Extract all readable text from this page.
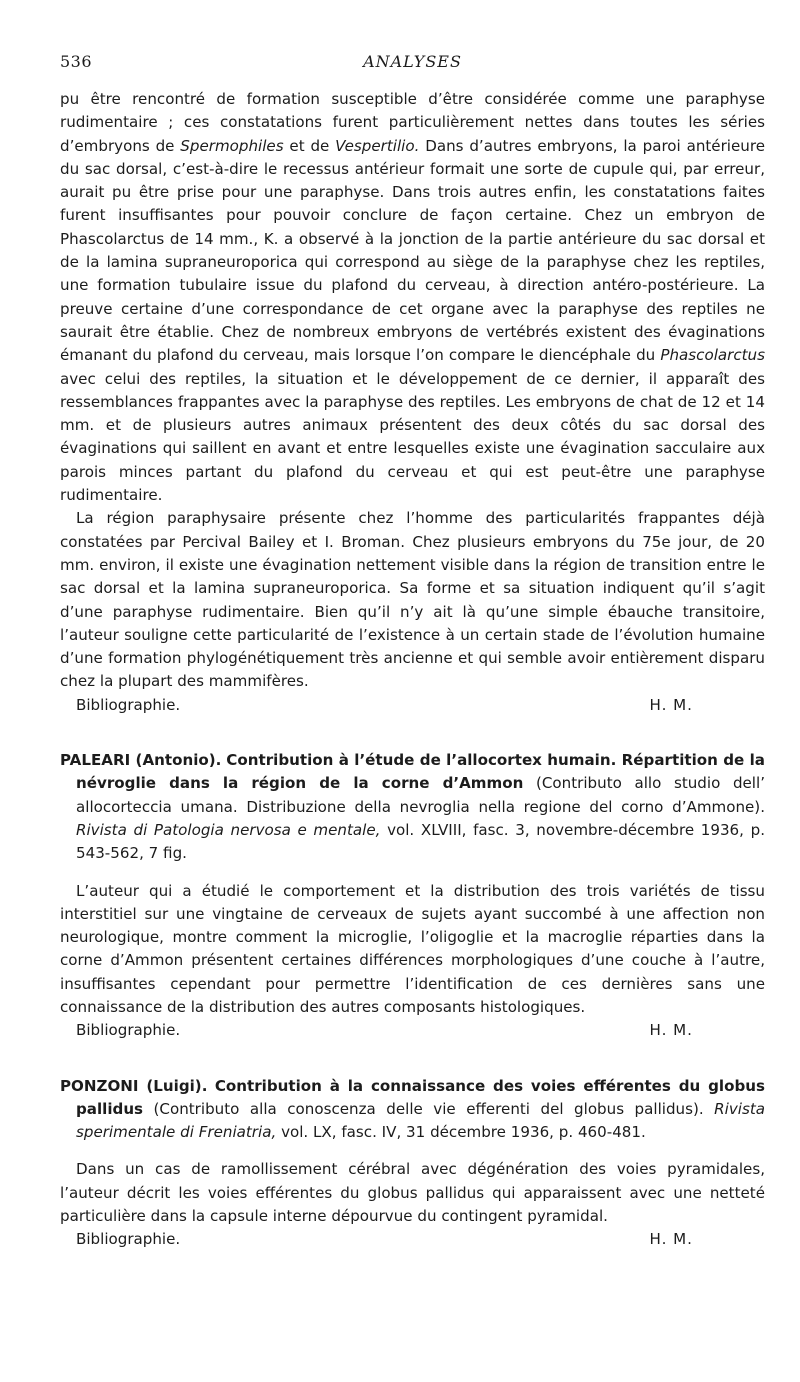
536	ANALYSES

pu être rencontré de formation susceptible d’être considérée comme une paraphyse rudimentaire ; ces constatations furent particulièrement nettes dans toutes les séries d’embryons de Spermophiles et de Vespertilio. Dans d’autres embryons, la paroi antérieure du sac dorsal, c’est-à-dire le recessus antérieur formait une sorte de cupule qui, par erreur, aurait pu être prise pour une paraphyse. Dans trois autres enfin, les constatations faites furent insuffisantes pour pouvoir conclure de façon certaine. Chez un embryon de Phascolarctus de 14 mm., K. a observé à la jonction de la partie antérieure du sac dorsal et de la lamina supraneuroporica qui correspond au siège de la paraphyse chez les reptiles, une formation tubulaire issue du plafond du cerveau, à direction antéro-postérieure. La preuve certaine d’une correspondance de cet organe avec la paraphyse des reptiles ne saurait être établie. Chez de nombreux embryons de vertébrés existent des évaginations émanant du plafond du cerveau, mais lorsque l’on compare le diencéphale du Phascolarctus avec celui des reptiles, la situation et le développement de ce dernier, il apparaît des ressemblances frappantes avec la paraphyse des reptiles. Les embryons de chat de 12 et 14 mm. et de plusieurs autres animaux présentent des deux côtés du sac dorsal des évaginations qui saillent en avant et entre lesquelles existe une évagination sacculaire aux parois minces partant du plafond du cerveau et qui est peut-être une paraphyse rudimentaire.

La région paraphysaire présente chez l’homme des particularités frappantes déjà constatées par Percival Bailey et I. Broman. Chez plusieurs embryons du 75e jour, de 20 mm. environ, il existe une évagination nettement visible dans la région de transition entre le sac dorsal et la lamina supraneuroporica. Sa forme et sa situation indiquent qu’il s’agit d’une paraphyse rudimentaire. Bien qu’il n’y ait là qu’une simple ébauche transitoire, l’auteur souligne cette particularité de l’existence à un certain stade de l’évolution humaine d’une formation phylogénétiquement très ancienne et qui semble avoir entièrement disparu chez la plupart des mammifères.

Bibliographie.	H. M.
PALEARI (Antonio). Contribution à l’étude de l’allocortex humain. Répartition de la névroglie dans la région de la corne d’Ammon (Contributo allo studio dell’ allocorteccia umana. Distribuzione della nevroglia nella regione del corno d’Ammone). Rivista di Patologia nervosa e mentale, vol. XLVIII, fasc. 3, novembre-décembre 1936, p. 543-562, 7 fig.

L’auteur qui a étudié le comportement et la distribution des trois variétés de tissu interstitiel sur une vingtaine de cerveaux de sujets ayant succombé à une affection non neurologique, montre comment la microglie, l’oligoglie et la macroglie réparties dans la corne d’Ammon présentent certaines différences morphologiques d’une couche à l’autre, insuffisantes cependant pour permettre l’identification de ces dernières sans une connaissance de la distribution des autres composants histologiques.

Bibliographie.	H. M.
PONZONI (Luigi). Contribution à la connaissance des voies efférentes du globus pallidus (Contributo alla conoscenza delle vie efferenti del globus pallidus). Rivista sperimentale di Freniatria, vol. LX, fasc. IV, 31 décembre 1936, p. 460-481.

Dans un cas de ramollissement cérébral avec dégénération des voies pyramidales, l’auteur décrit les voies efférentes du globus pallidus qui apparaissent avec une netteté particulière dans la capsule interne dépourvue du contingent pyramidal.

Bibliographie.	H. M.
